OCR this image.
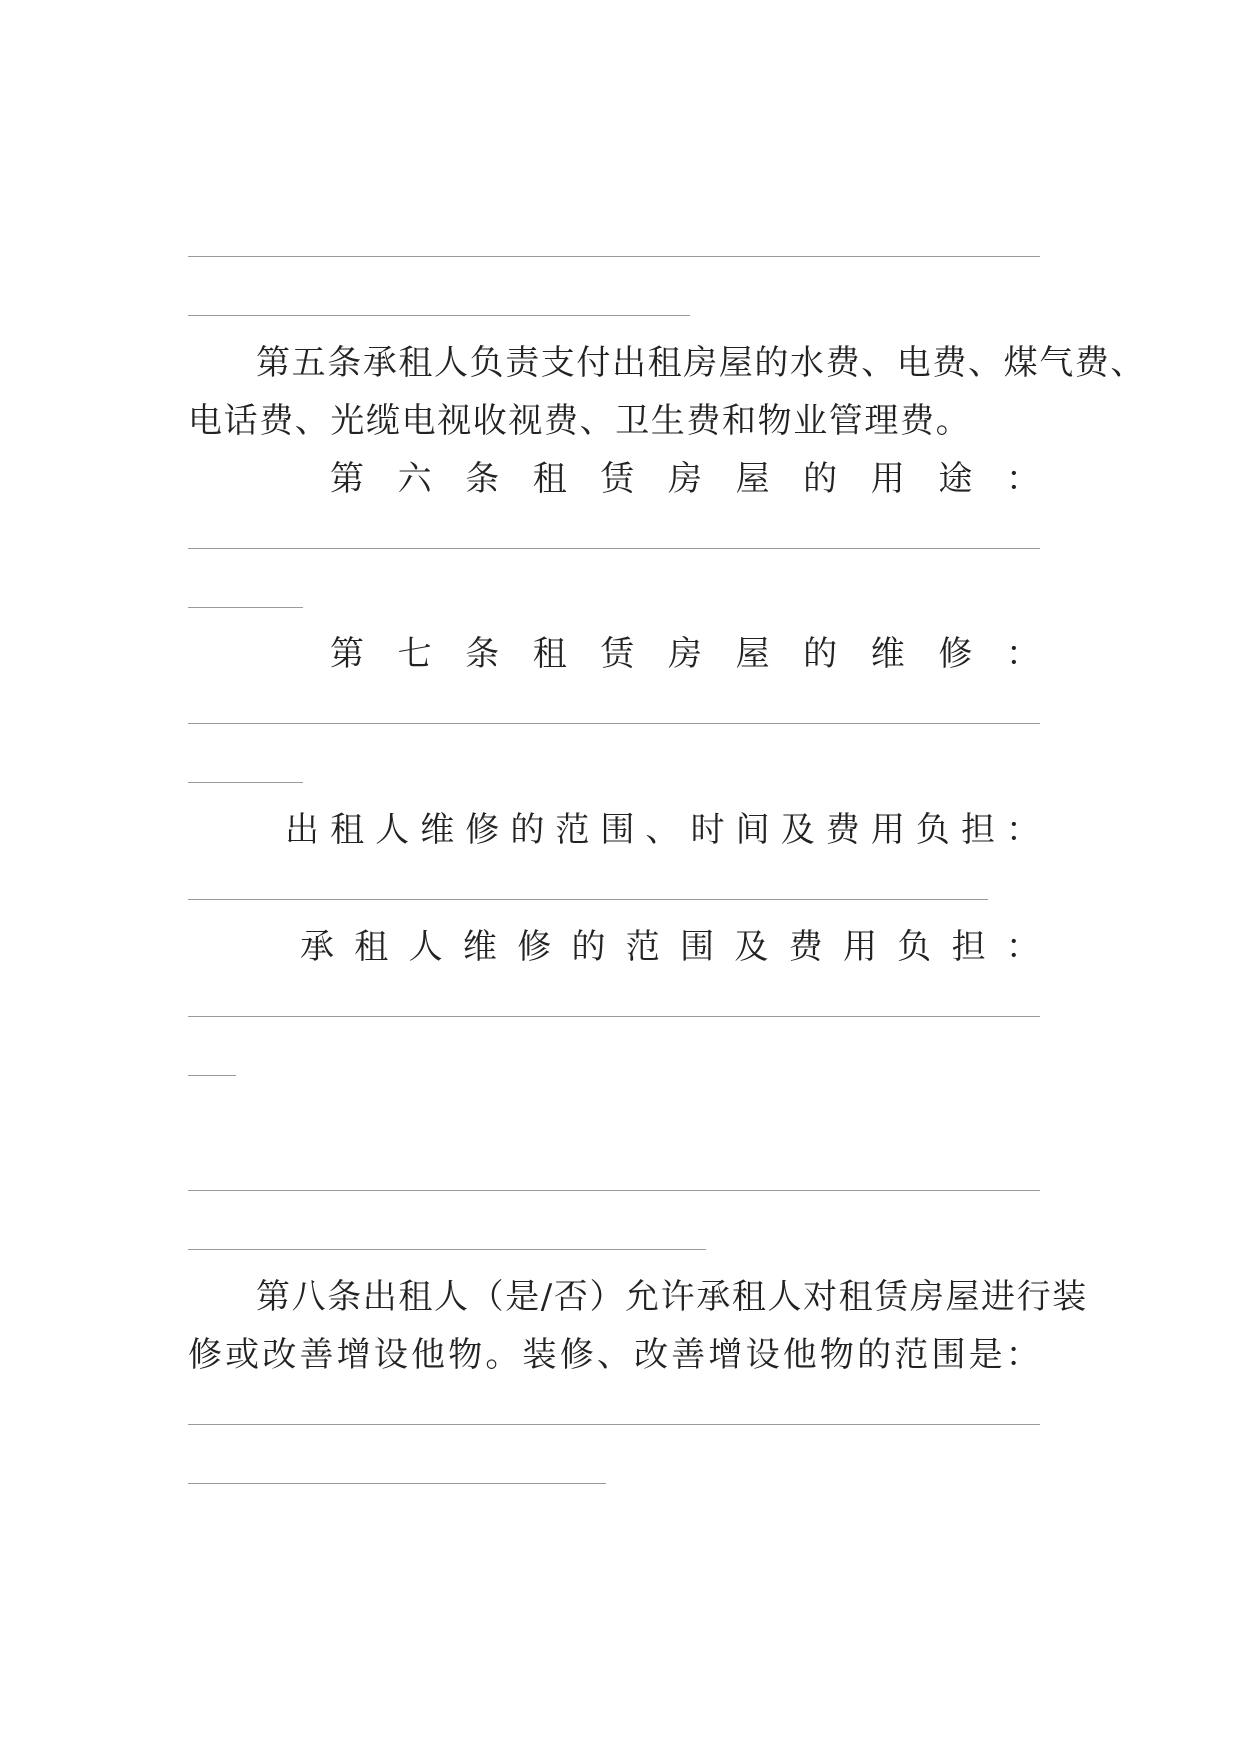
第五条承租人负责支付出租房屋的水费、电费、煤气费、
电话费、光缆电视收视费、卫生费和物业管理费。
第 六 条 租 赁 房 屋 的 用 途 ：
第 七 条 租 赁 房 屋 的 维 修 ：
出 租 人 维 修 的 范 围 、 时 间 及 费 用 负 担 ：
承 租 人 维 修 的 范 围 及 费 用 负 担 ：
第八条出租人（是/否）允许承租人对租赁房屋进行装
修 或 改 善 增 设 他 物 。 装 修 、 改 善 增 设 他 物 的 范 围 是 ：
